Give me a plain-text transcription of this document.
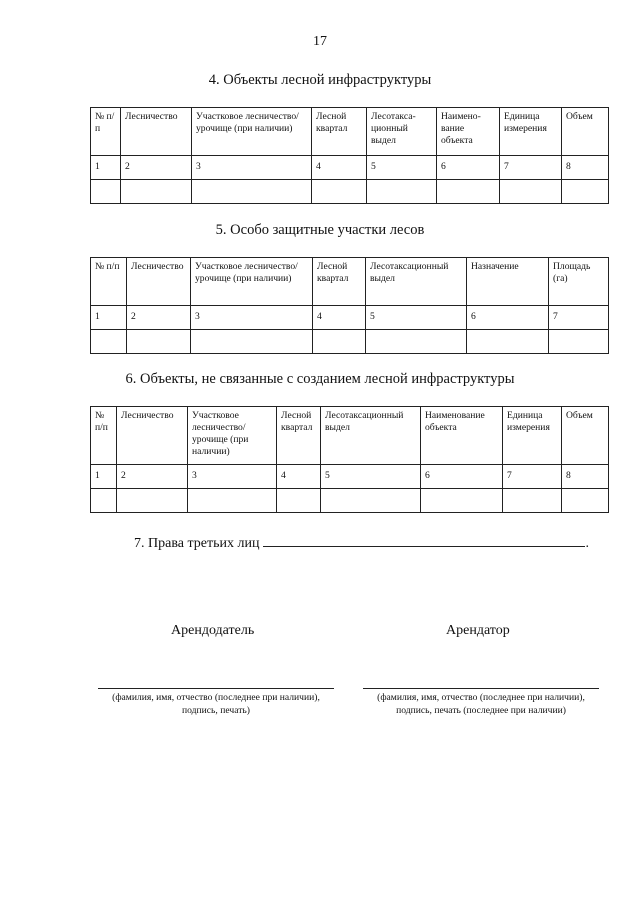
17
4. Объекты лесной инфраструктуры
№ п/п	Лесничество	Участковое лесничество/урочище (при наличии)	Лесной квартал	Лесотакса-ционный выдел	Наимено-вание объекта	Единица измерения	Объем
1	2	3	4	5	6	7	8

5. Особо защитные участки лесов
№ п/п	Лесничество	Участковое лесничество/урочище (при наличии)	Лесной квартал	Лесотаксационный выдел	Назначение	Площадь (га)
1	2	3	4	5	6	7

6. Объекты, не связанные с созданием лесной инфраструктуры
№ п/п	Лесничество	Участковое лесничество/ урочище (при наличии)	Лесной квартал	Лесотаксационный выдел	Наименование объекта	Единица измерения	Объем
1	2	3	4	5	6	7	8

7. Права третьих лиц	.
Арендодатель	Арендатор
(фамилия, имя, отчество (последнее при наличии),
подпись, печать)
(фамилия, имя, отчество (последнее при наличии),
подпись, печать (последнее при наличии)
